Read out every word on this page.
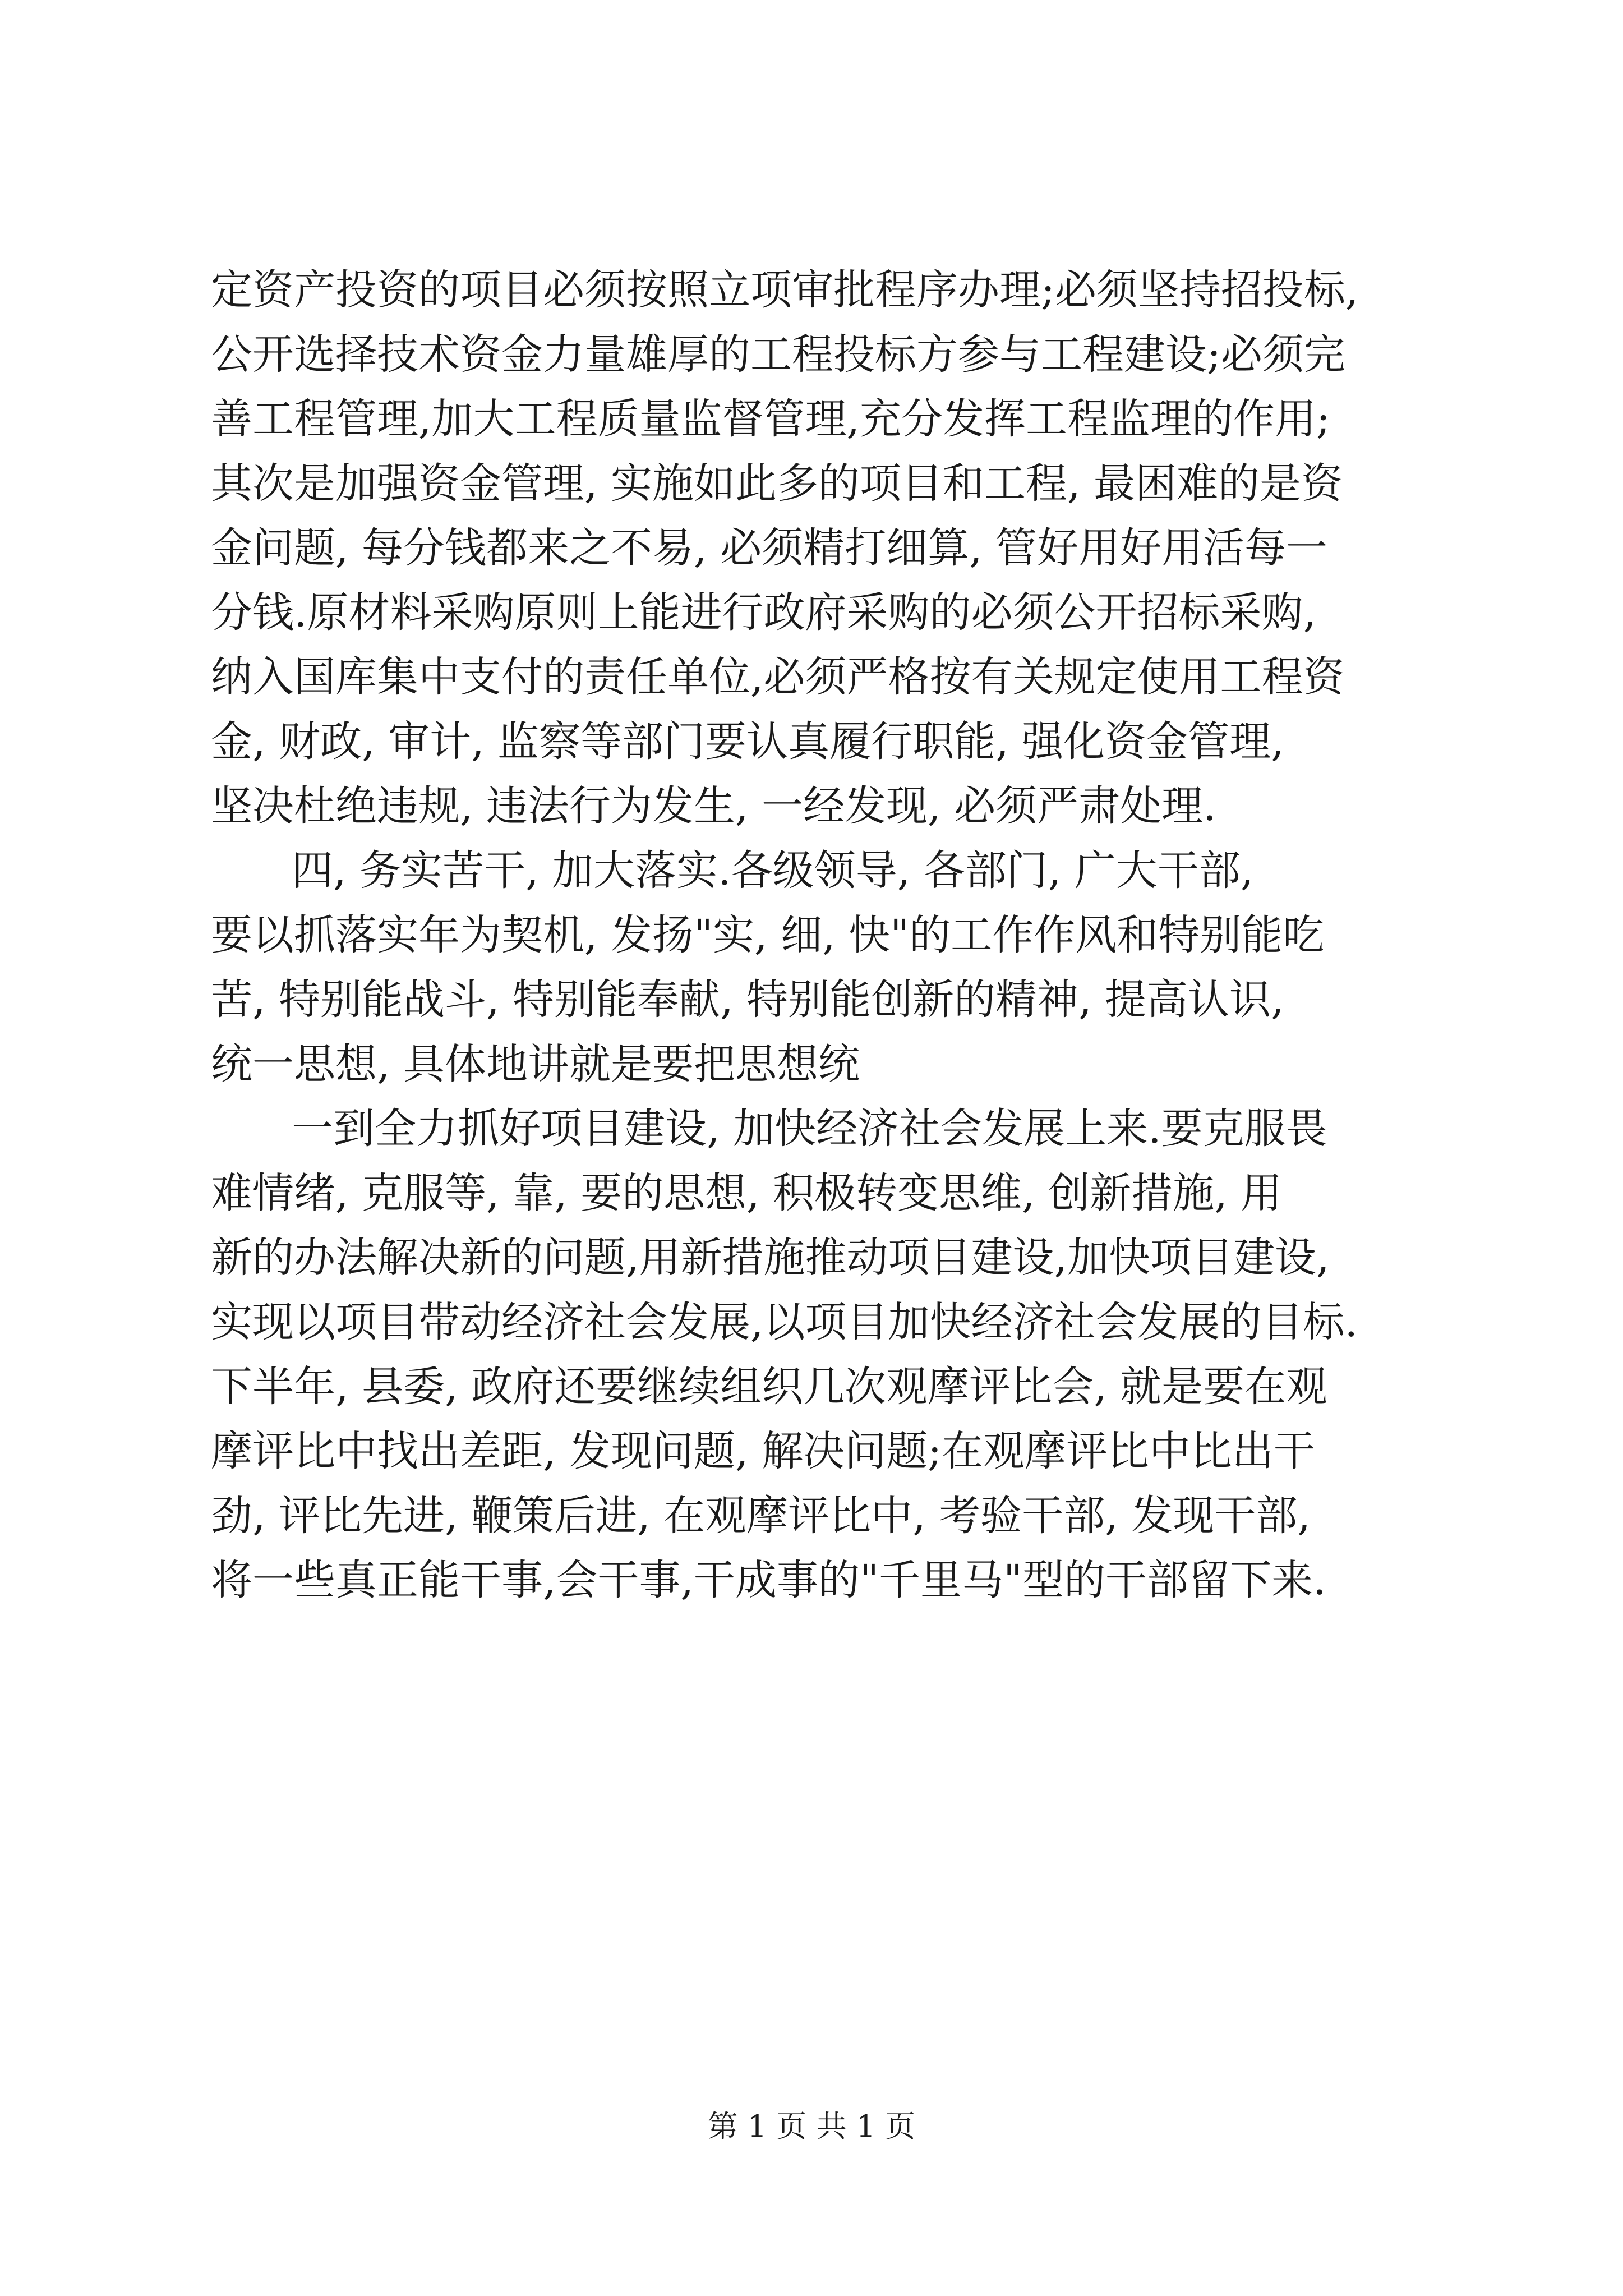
定资产投资的项目必须按照立项审批程序办理;必须坚持招投标,
公开选择技术资金力量雄厚的工程投标方参与工程建设;必须完
善工程管理,加大工程质量监督管理,充分发挥工程监理的作用;
其次是加强资金管理, 实施如此多的项目和工程, 最困难的是资
金问题, 每分钱都来之不易, 必须精打细算, 管好用好用活每一
分钱.原材料采购原则上能进行政府采购的必须公开招标采购,
纳入国库集中支付的责任单位,必须严格按有关规定使用工程资
金, 财政, 审计, 监察等部门要认真履行职能, 强化资金管理,
坚决杜绝违规, 违法行为发生, 一经发现, 必须严肃处理.
四, 务实苦干, 加大落实.各级领导, 各部门, 广大干部,
要以抓落实年为契机, 发扬"实, 细, 快"的工作作风和特别能吃
苦, 特别能战斗, 特别能奉献, 特别能创新的精神, 提高认识,
统一思想, 具体地讲就是要把思想统
一到全力抓好项目建设, 加快经济社会发展上来.要克服畏
难情绪, 克服等, 靠, 要的思想, 积极转变思维, 创新措施, 用
新的办法解决新的问题,用新措施推动项目建设,加快项目建设,
实现以项目带动经济社会发展,以项目加快经济社会发展的目标.
下半年, 县委, 政府还要继续组织几次观摩评比会, 就是要在观
摩评比中找出差距, 发现问题, 解决问题;在观摩评比中比出干
劲, 评比先进, 鞭策后进, 在观摩评比中, 考验干部, 发现干部,
将一些真正能干事,会干事,干成事的"千里马"型的干部留下来.
第 1 页 共 1 页
